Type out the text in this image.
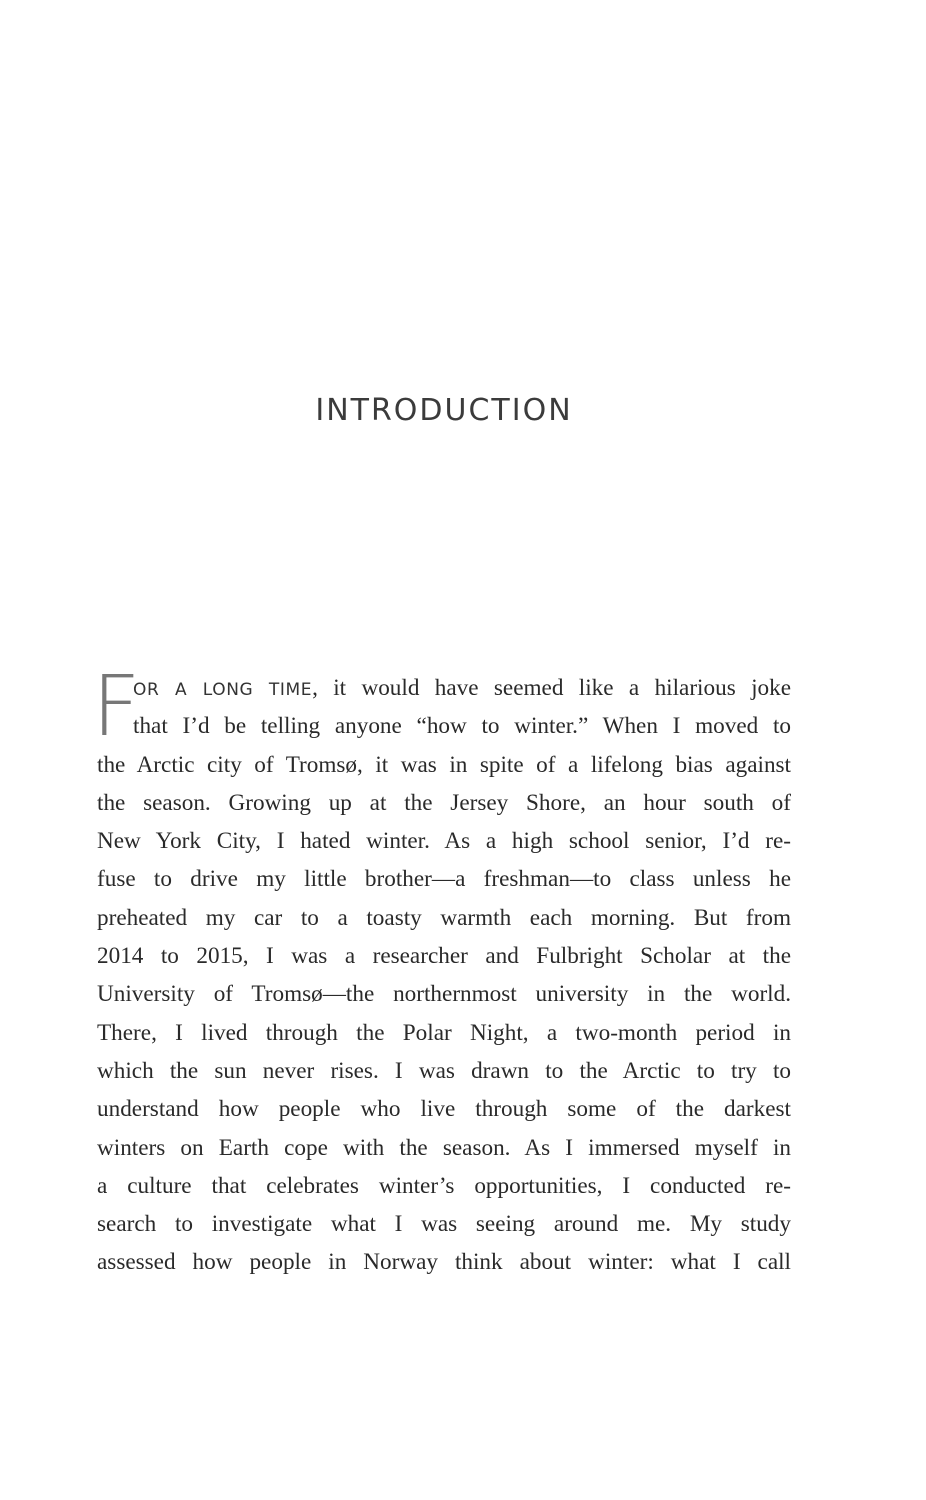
INTRODUCTION
F
OR A LONG TIME, it would have seemed like a hilarious joke
that I’d be telling anyone “how to winter.” When I moved to
the Arctic city of Tromsø, it was in spite of a lifelong bias against
the season. Growing up at the Jersey Shore, an hour south of
New York City, I hated winter. As a high school senior, I’d re-
fuse to drive my little brother—a freshman—to class unless he
preheated my car to a toasty warmth each morning. But from
2014 to 2015, I was a researcher and Fulbright Scholar at the
University of Tromsø—the northernmost university in the world.
There, I lived through the Polar Night, a two-month period in
which the sun never rises. I was drawn to the Arctic to try to
understand how people who live through some of the darkest
winters on Earth cope with the season. As I immersed myself in
a culture that celebrates winter’s opportunities, I conducted re-
search to investigate what I was seeing around me. My study
assessed how people in Norway think about winter: what I call
